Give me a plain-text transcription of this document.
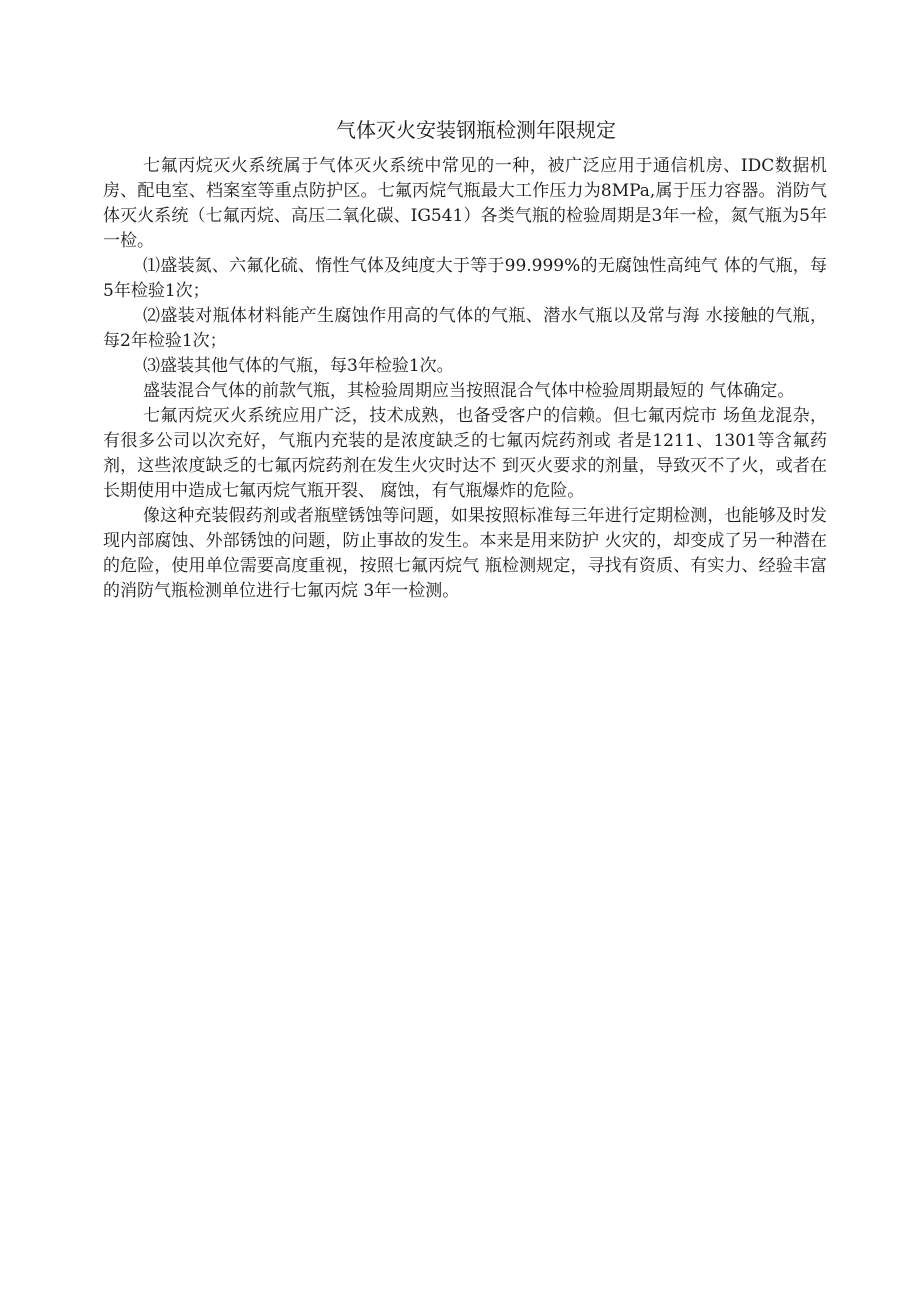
气体灭火安装钢瓶检测年限规定

七氟丙烷灭火系统属于气体灭火系统中常见的一种，被广泛应用于通信机房、IDC数据机房、配电室、档案室等重点防护区。七氟丙烷气瓶最大工作压力为8MPa,属于压力容器。消防气体灭火系统（七氟丙烷、高压二氧化碳、IG541）各类气瓶的检验周期是3年一检，氮气瓶为5年一检。

⑴盛装氮、六氟化硫、惰性气体及纯度大于等于99.999%的无腐蚀性高纯气 体的气瓶，每5年检验1次；

⑵盛装对瓶体材料能产生腐蚀作用高的气体的气瓶、潜水气瓶以及常与海 水接触的气瓶，每2年检验1次；

⑶盛装其他气体的气瓶，每3年检验1次。

盛装混合气体的前款气瓶，其检验周期应当按照混合气体中检验周期最短的 气体确定。

七氟丙烷灭火系统应用广泛，技术成熟，也备受客户的信赖。但七氟丙烷市 场鱼龙混杂，有很多公司以次充好，气瓶内充装的是浓度缺乏的七氟丙烷药剂或 者是1211、1301等含氟药剂，这些浓度缺乏的七氟丙烷药剂在发生火灾时达不 到灭火要求的剂量，导致灭不了火，或者在长期使用中造成七氟丙烷气瓶开裂、 腐蚀，有气瓶爆炸的危险。

像这种充装假药剂或者瓶壁锈蚀等问题，如果按照标准每三年进行定期检测，也能够及时发现内部腐蚀、外部锈蚀的问题，防止事故的发生。本来是用来防护 火灾的，却变成了另一种潜在的危险，使用单位需要高度重视，按照七氟丙烷气 瓶检测规定，寻找有资质、有实力、经验丰富的消防气瓶检测单位进行七氟丙烷 3年一检测。
